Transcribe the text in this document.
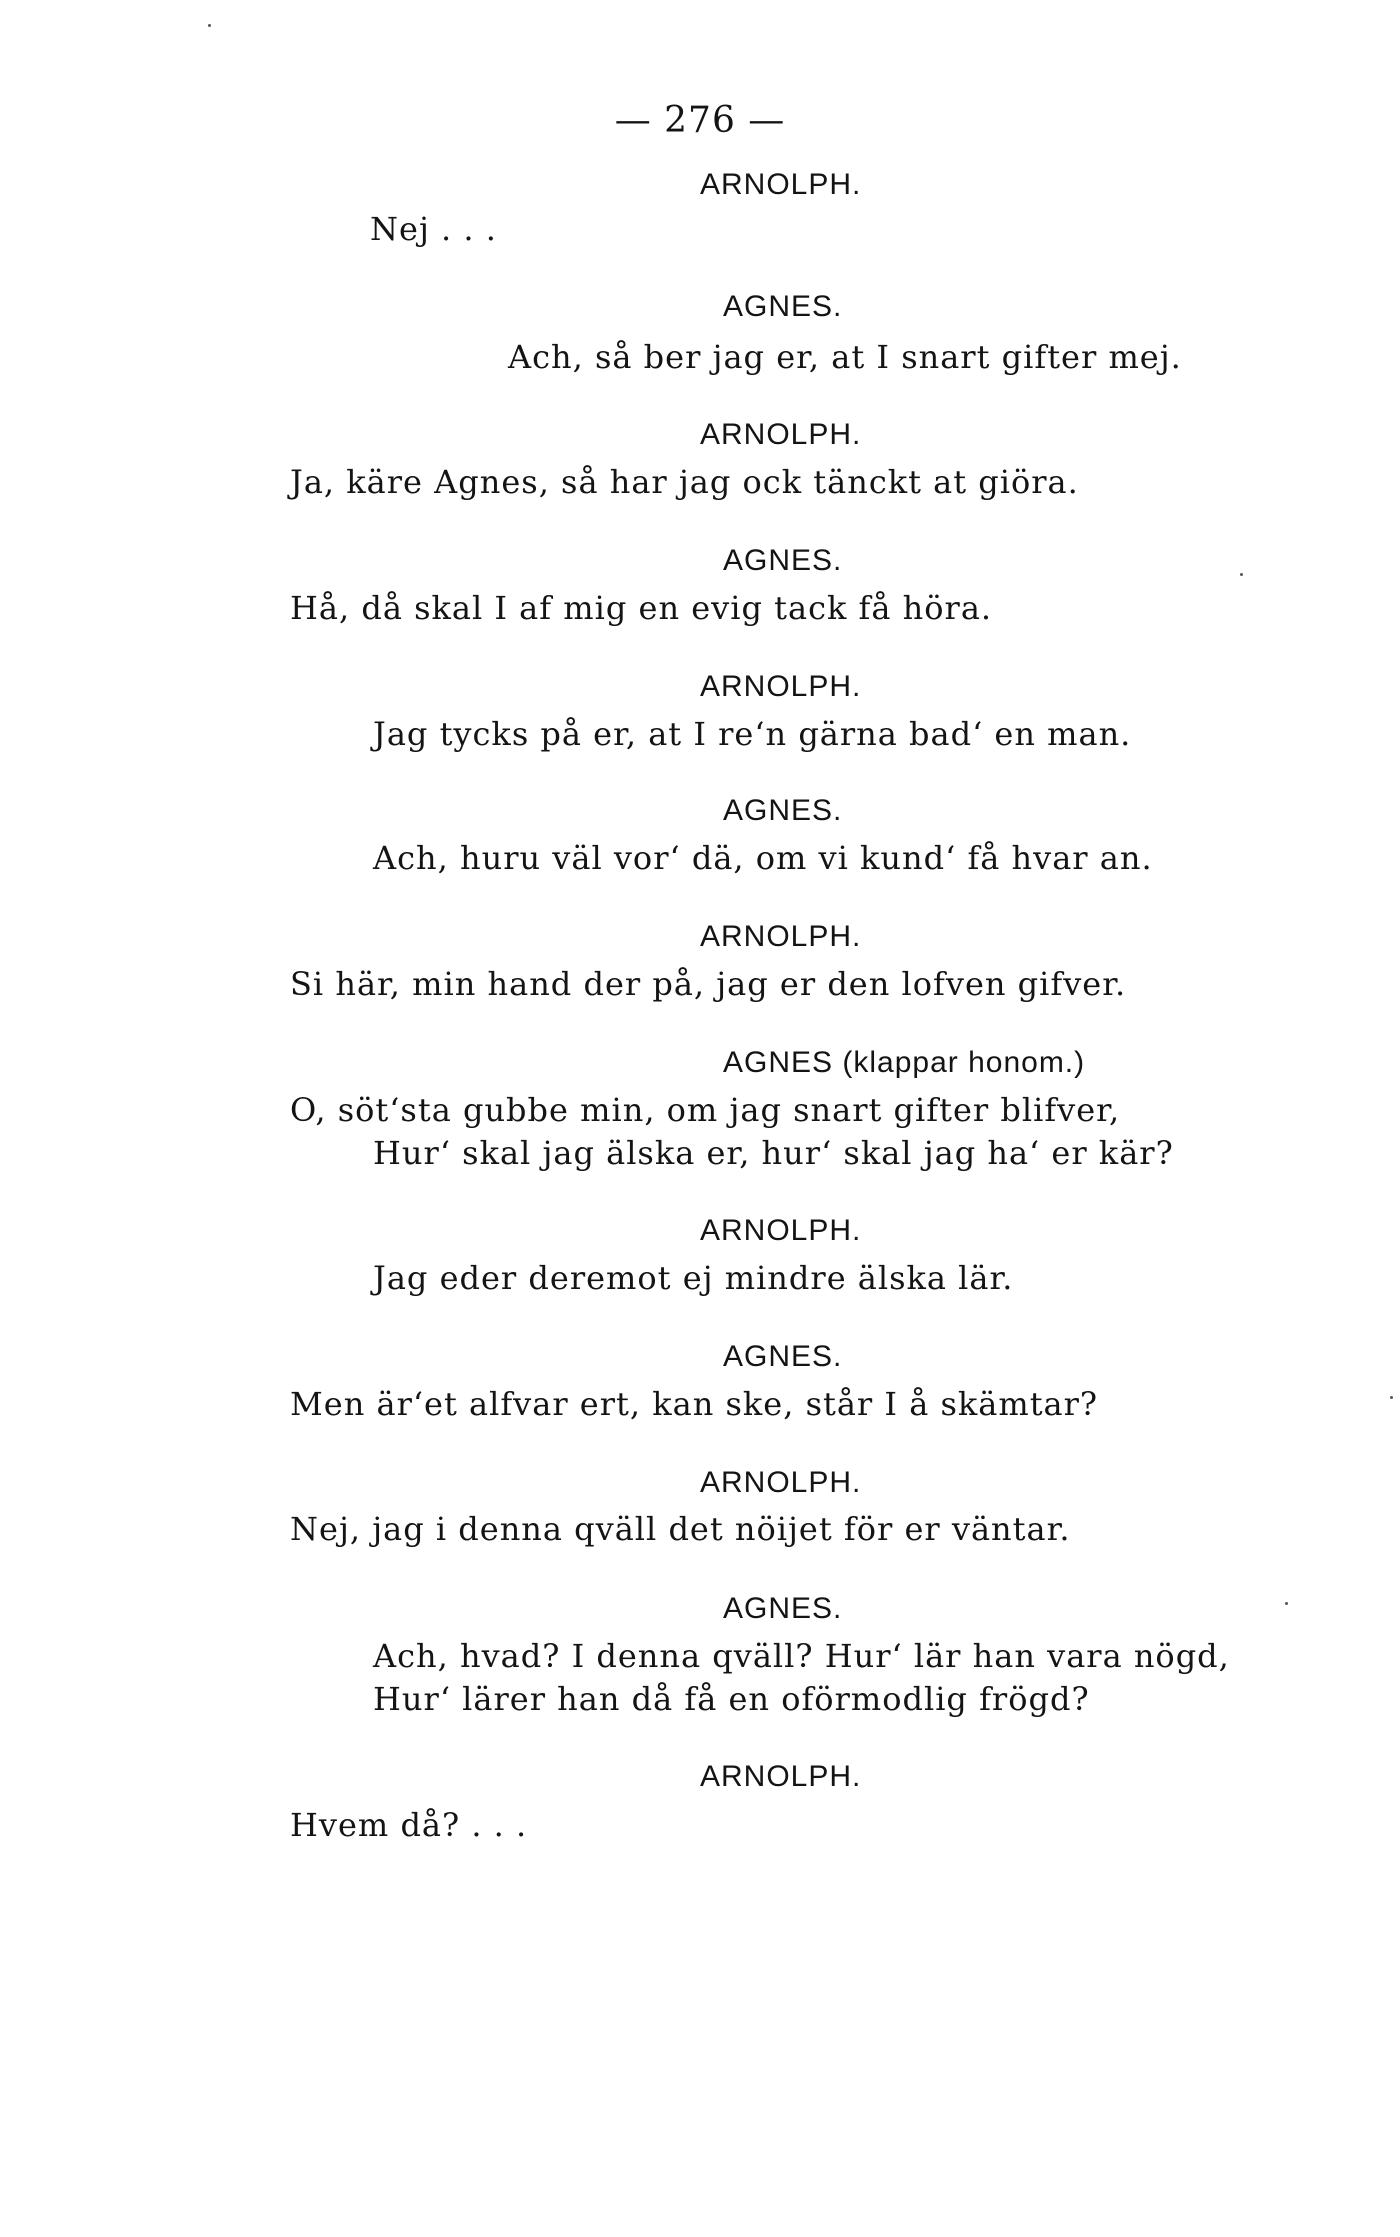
— 276 —
ARNOLPH.
Nej . . .
AGNES.
Ach, så ber jag er, at I snart gifter mej.
ARNOLPH.
Ja, käre Agnes, så har jag ock tänckt at giöra.
AGNES.
Hå, då skal I af mig en evig tack få höra.
ARNOLPH.
Jag tycks på er, at I re‘n gärna bad‘ en man.
AGNES.
Ach, huru väl vor‘ dä, om vi kund‘ få hvar an.
ARNOLPH.
Si här, min hand der på, jag er den lofven gifver.
AGNES (klappar honom.)
O, söt‘sta gubbe min, om jag snart gifter blifver,
Hur‘ skal jag älska er, hur‘ skal jag ha‘ er kär?
ARNOLPH.
Jag eder deremot ej mindre älska lär.
AGNES.
Men är‘et alfvar ert, kan ske, står I å skämtar?
ARNOLPH.
Nej, jag i denna qväll det nöijet för er väntar.
AGNES.
Ach, hvad? I denna qväll? Hur‘ lär han vara nögd,
Hur‘ lärer han då få en oförmodlig frögd?
ARNOLPH.
Hvem då? . . .
